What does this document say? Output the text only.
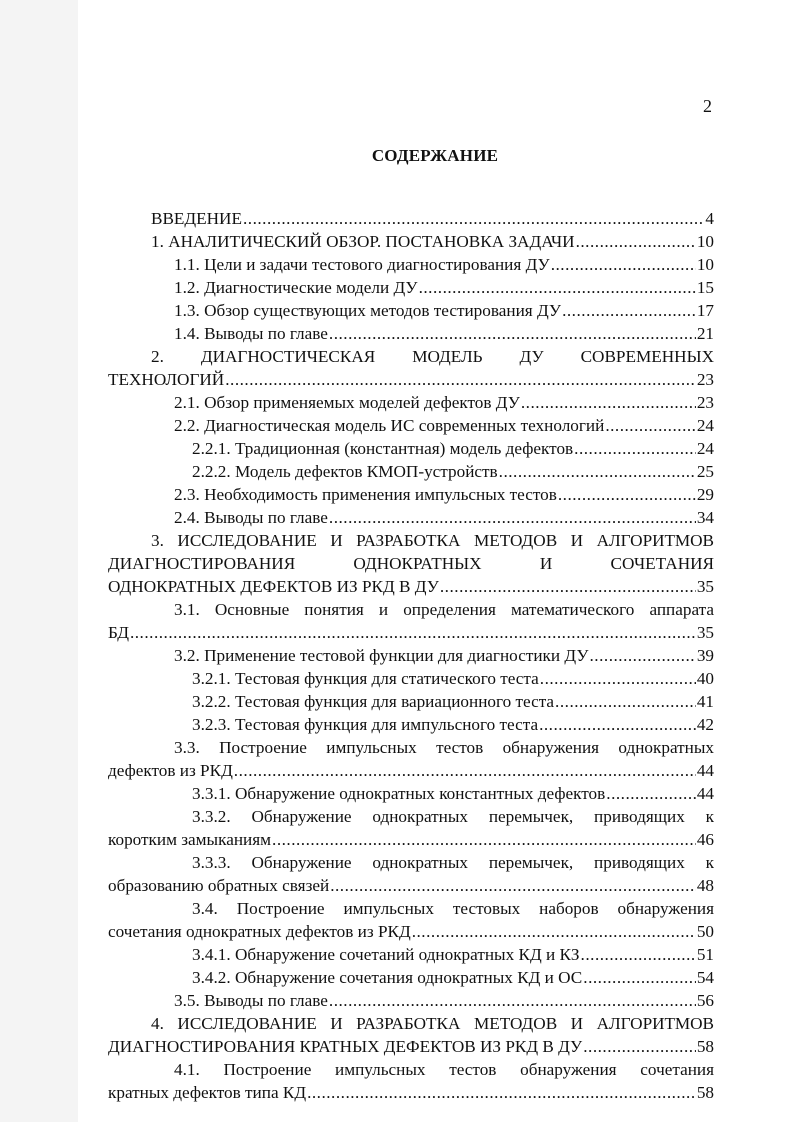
2
СОДЕРЖАНИЕ
ВВЕДЕНИЕ .....	4
1. АНАЛИТИЧЕСКИЙ ОБЗОР. ПОСТАНОВКА ЗАДАЧИ .....	10
1.1. Цели и задачи тестового диагностирования ДУ .....	10
1.2. Диагностические модели ДУ .....	15
1.3. Обзор существующих методов тестирования ДУ .....	17
1.4. Выводы по главе .....	21
2. ДИАГНОСТИЧЕСКАЯ МОДЕЛЬ ДУ СОВРЕМЕННЫХ
ТЕХНОЛОГИЙ .....	23
2.1. Обзор применяемых моделей дефектов ДУ .....	23
2.2. Диагностическая модель ИС современных технологий .....	24
2.2.1. Традиционная (константная) модель дефектов .....	24
2.2.2. Модель дефектов КМОП-устройств .....	25
2.3. Необходимость применения импульсных тестов .....	29
2.4. Выводы по главе .....	34
3. ИССЛЕДОВАНИЕ И РАЗРАБОТКА МЕТОДОВ И АЛГОРИТМОВ
ДИАГНОСТИРОВАНИЯ ОДНОКРАТНЫХ И СОЧЕТАНИЯ
ОДНОКРАТНЫХ ДЕФЕКТОВ ИЗ РКД В ДУ .....	35
3.1. Основные понятия и определения математического аппарата
БД .....	35
3.2. Применение тестовой функции для диагностики ДУ .....	39
3.2.1. Тестовая функция для статического теста .....	40
3.2.2. Тестовая функция для вариационного теста .....	41
3.2.3. Тестовая функция для импульсного теста .....	42
3.3. Построение импульсных тестов обнаружения однократных
дефектов из РКД .....	44
3.3.1. Обнаружение однократных константных дефектов .....	44
3.3.2. Обнаружение однократных перемычек, приводящих к
коротким замыканиям .....	46
3.3.3. Обнаружение однократных перемычек, приводящих к
образованию обратных связей .....	48
3.4. Построение импульсных тестовых наборов обнаружения
сочетания однократных дефектов из РКД .....	50
3.4.1. Обнаружение сочетаний однократных КД и КЗ .....	51
3.4.2. Обнаружение сочетания однократных КД и ОС .....	54
3.5. Выводы по главе .....	56
4. ИССЛЕДОВАНИЕ И РАЗРАБОТКА МЕТОДОВ И АЛГОРИТМОВ
ДИАГНОСТИРОВАНИЯ КРАТНЫХ ДЕФЕКТОВ ИЗ РКД В ДУ .....	58
4.1. Построение импульсных тестов обнаружения сочетания
кратных дефектов типа КД .....	58
